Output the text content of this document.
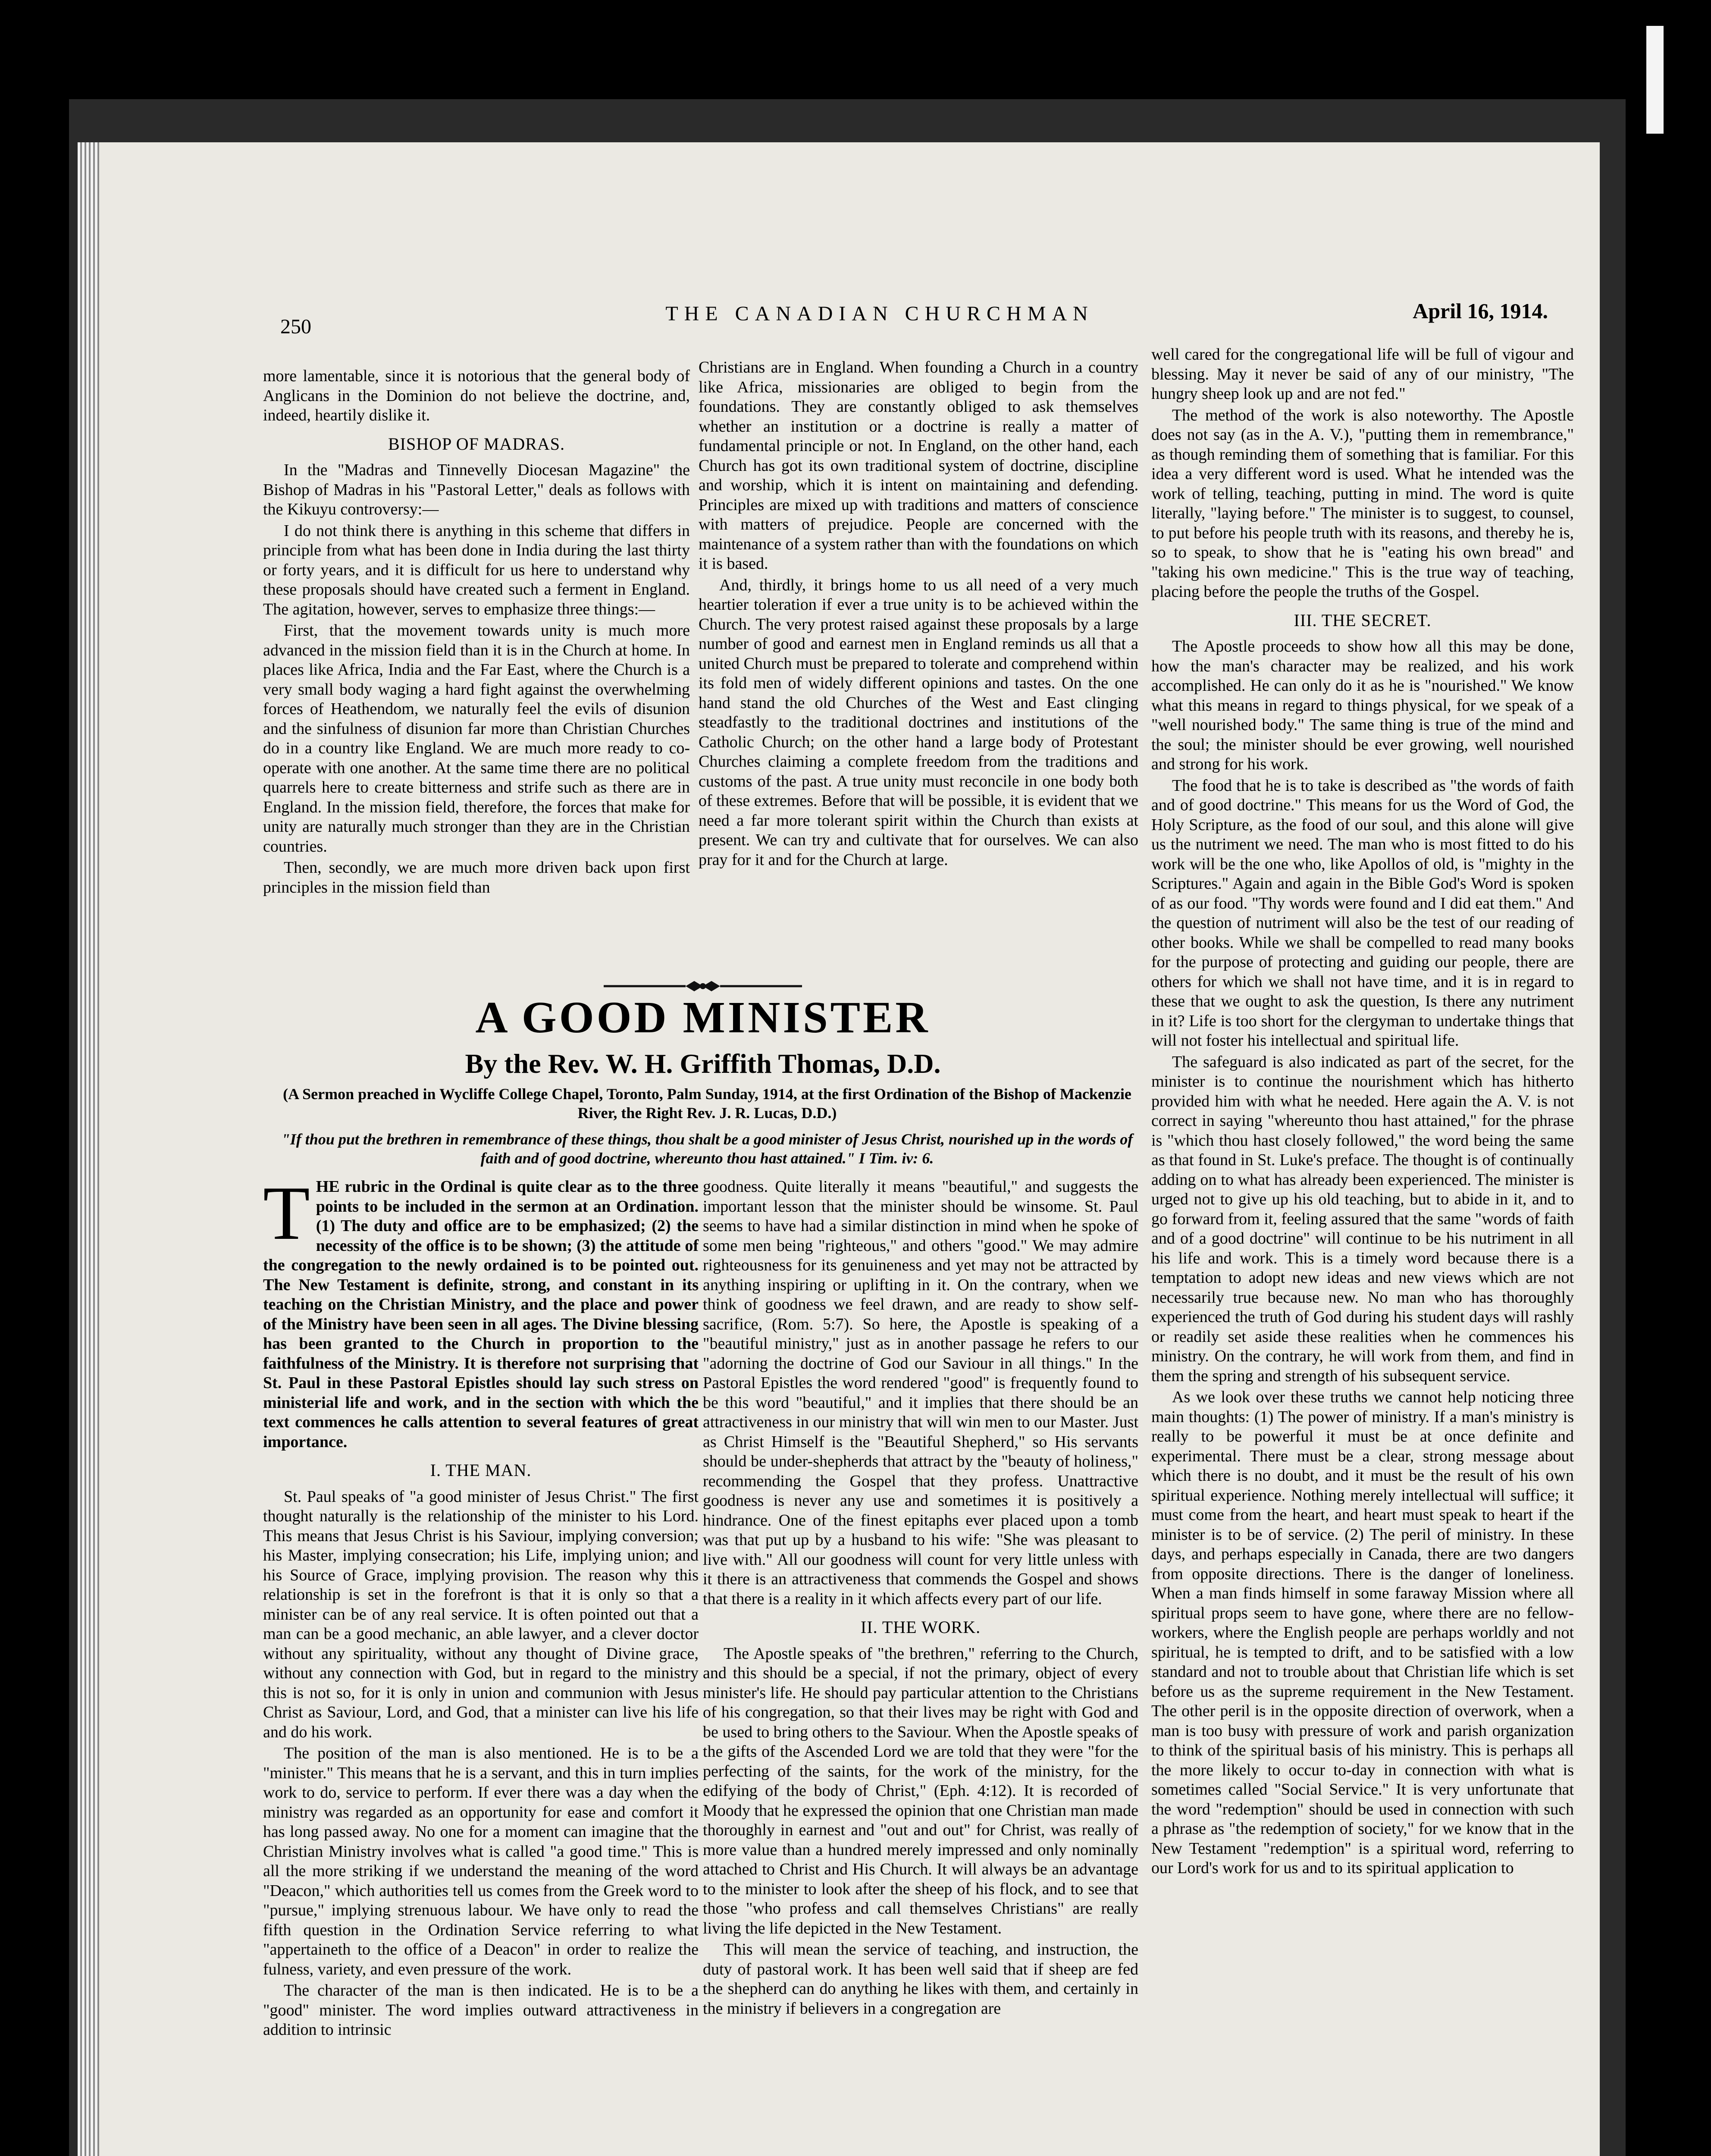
250
THE CANADIAN CHURCHMAN	April 16, 1914.

more lamentable, since it is notorious that the general body of Anglicans in the Dominion do not believe the doctrine, and, indeed, heartily dislike it.

BISHOP OF MADRAS.

In the "Madras and Tinnevelly Diocesan Magazine" the Bishop of Madras in his "Pastoral Letter," deals as follows with the Kikuyu controversy:—

I do not think there is anything in this scheme that differs in principle from what has been done in India during the last thirty or forty years, and it is difficult for us here to understand why these proposals should have created such a ferment in England. The agitation, however, serves to emphasize three things:—

First, that the movement towards unity is much more advanced in the mission field than it is in the Church at home. In places like Africa, India and the Far East, where the Church is a very small body waging a hard fight against the overwhelming forces of Heathendom, we naturally feel the evils of disunion and the sinfulness of disunion far more than Christian Churches do in a country like England. We are much more ready to co-operate with one another. At the same time there are no political quarrels here to create bitterness and strife such as there are in England. In the mission field, therefore, the forces that make for unity are naturally much stronger than they are in the Christian countries.

Then, secondly, we are much more driven back upon first principles in the mission field than

Christians are in England. When founding a Church in a country like Africa, missionaries are obliged to begin from the foundations. They are constantly obliged to ask themselves whether an institution or a doctrine is really a matter of fundamental principle or not. In England, on the other hand, each Church has got its own traditional system of doctrine, discipline and worship, which it is intent on maintaining and defending. Principles are mixed up with traditions and matters of conscience with matters of prejudice. People are concerned with the maintenance of a system rather than with the foundations on which it is based.

And, thirdly, it brings home to us all need of a very much heartier toleration if ever a true unity is to be achieved within the Church. The very protest raised against these proposals by a large number of good and earnest men in England reminds us all that a united Church must be prepared to tolerate and comprehend within its fold men of widely different opinions and tastes. On the one hand stand the old Churches of the West and East clinging steadfastly to the traditional doctrines and institutions of the Catholic Church; on the other hand a large body of Protestant Churches claiming a complete freedom from the traditions and customs of the past. A true unity must reconcile in one body both of these extremes. Before that will be possible, it is evident that we need a far more tolerant spirit within the Church than exists at present. We can try and cultivate that for ourselves. We can also pray for it and for the Church at large.

A GOOD MINISTER
By the Rev. W. H. Griffith Thomas, D.D.
(A Sermon preached in Wycliffe College Chapel, Toronto, Palm Sunday, 1914, at the first Ordination of the Bishop of Mackenzie River, the Right Rev. J. R. Lucas, D.D.)
"If thou put the brethren in remembrance of these things, thou shalt be a good minister of Jesus Christ, nourished up in the words of faith and of good doctrine, whereunto thou hast attained." I Tim. iv: 6.

THE rubric in the Ordinal is quite clear as to the three points to be included in the sermon at an Ordination. (1) The duty and office are to be emphasized; (2) the necessity of the office is to be shown; (3) the attitude of the congregation to the newly ordained is to be pointed out. The New Testament is definite, strong, and constant in its teaching on the Christian Ministry, and the place and power of the Ministry have been seen in all ages. The Divine blessing has been granted to the Church in proportion to the faithfulness of the Ministry. It is therefore not surprising that St. Paul in these Pastoral Epistles should lay such stress on ministerial life and work, and in the section with which the text commences he calls attention to several features of great importance.

I. THE MAN.

St. Paul speaks of "a good minister of Jesus Christ." The first thought naturally is the relationship of the minister to his Lord. This means that Jesus Christ is his Saviour, implying conversion; his Master, implying consecration; his Life, implying union; and his Source of Grace, implying provision. The reason why this relationship is set in the forefront is that it is only so that a minister can be of any real service. It is often pointed out that a man can be a good mechanic, an able lawyer, and a clever doctor without any spirituality, without any thought of Divine grace, without any connection with God, but in regard to the ministry this is not so, for it is only in union and communion with Jesus Christ as Saviour, Lord, and God, that a minister can live his life and do his work.

The position of the man is also mentioned. He is to be a "minister." This means that he is a servant, and this in turn implies work to do, service to perform. If ever there was a day when the ministry was regarded as an opportunity for ease and comfort it has long passed away. No one for a moment can imagine that the Christian Ministry involves what is called "a good time." This is all the more striking if we understand the meaning of the word "Deacon," which authorities tell us comes from the Greek word to "pursue," implying strenuous labour. We have only to read the fifth question in the Ordination Service referring to what "appertaineth to the office of a Deacon" in order to realize the fulness, variety, and even pressure of the work.

The character of the man is then indicated. He is to be a "good" minister. The word implies outward attractiveness in addition to intrinsic

goodness. Quite literally it means "beautiful," and suggests the important lesson that the minister should be winsome. St. Paul seems to have had a similar distinction in mind when he spoke of some men being "righteous," and others "good." We may admire righteousness for its genuineness and yet may not be attracted by anything inspiring or uplifting in it. On the contrary, when we think of goodness we feel drawn, and are ready to show self-sacrifice, (Rom. 5:7). So here, the Apostle is speaking of a "beautiful ministry," just as in another passage he refers to our "adorning the doctrine of God our Saviour in all things." In the Pastoral Epistles the word rendered "good" is frequently found to be this word "beautiful," and it implies that there should be an attractiveness in our ministry that will win men to our Master. Just as Christ Himself is the "Beautiful Shepherd," so His servants should be under-shepherds that attract by the "beauty of holiness," recommending the Gospel that they profess. Unattractive goodness is never any use and sometimes it is positively a hindrance. One of the finest epitaphs ever placed upon a tomb was that put up by a husband to his wife: "She was pleasant to live with." All our goodness will count for very little unless with it there is an attractiveness that commends the Gospel and shows that there is a reality in it which affects every part of our life.

II. THE WORK.

The Apostle speaks of "the brethren," referring to the Church, and this should be a special, if not the primary, object of every minister's life. He should pay particular attention to the Christians of his congregation, so that their lives may be right with God and be used to bring others to the Saviour. When the Apostle speaks of the gifts of the Ascended Lord we are told that they were "for the perfecting of the saints, for the work of the ministry, for the edifying of the body of Christ," (Eph. 4:12). It is recorded of Moody that he expressed the opinion that one Christian man made thoroughly in earnest and "out and out" for Christ, was really of more value than a hundred merely impressed and only nominally attached to Christ and His Church. It will always be an advantage to the minister to look after the sheep of his flock, and to see that those "who profess and call themselves Christians" are really living the life depicted in the New Testament.

This will mean the service of teaching, and instruction, the duty of pastoral work. It has been well said that if sheep are fed the shepherd can do anything he likes with them, and certainly in the ministry if believers in a congregation are

well cared for the congregational life will be full of vigour and blessing. May it never be said of any of our ministry, "The hungry sheep look up and are not fed."

The method of the work is also noteworthy. The Apostle does not say (as in the A. V.), "putting them in remembrance," as though reminding them of something that is familiar. For this idea a very different word is used. What he intended was the work of telling, teaching, putting in mind. The word is quite literally, "laying before." The minister is to suggest, to counsel, to put before his people truth with its reasons, and thereby he is, so to speak, to show that he is "eating his own bread" and "taking his own medicine." This is the true way of teaching, placing before the people the truths of the Gospel.

III. THE SECRET.

The Apostle proceeds to show how all this may be done, how the man's character may be realized, and his work accomplished. He can only do it as he is "nourished." We know what this means in regard to things physical, for we speak of a "well nourished body." The same thing is true of the mind and the soul; the minister should be ever growing, well nourished and strong for his work.

The food that he is to take is described as "the words of faith and of good doctrine." This means for us the Word of God, the Holy Scripture, as the food of our soul, and this alone will give us the nutriment we need. The man who is most fitted to do his work will be the one who, like Apollos of old, is "mighty in the Scriptures." Again and again in the Bible God's Word is spoken of as our food. "Thy words were found and I did eat them." And the question of nutriment will also be the test of our reading of other books. While we shall be compelled to read many books for the purpose of protecting and guiding our people, there are others for which we shall not have time, and it is in regard to these that we ought to ask the question, Is there any nutriment in it? Life is too short for the clergyman to undertake things that will not foster his intellectual and spiritual life.

The safeguard is also indicated as part of the secret, for the minister is to continue the nourishment which has hitherto provided him with what he needed. Here again the A. V. is not correct in saying "whereunto thou hast attained," for the phrase is "which thou hast closely followed," the word being the same as that found in St. Luke's preface. The thought is of continually adding on to what has already been experienced. The minister is urged not to give up his old teaching, but to abide in it, and to go forward from it, feeling assured that the same "words of faith and of a good doctrine" will continue to be his nutriment in all his life and work. This is a timely word because there is a temptation to adopt new ideas and new views which are not necessarily true because new. No man who has thoroughly experienced the truth of God during his student days will rashly or readily set aside these realities when he commences his ministry. On the contrary, he will work from them, and find in them the spring and strength of his subsequent service.

As we look over these truths we cannot help noticing three main thoughts: (1) The power of ministry. If a man's ministry is really to be powerful it must be at once definite and experimental. There must be a clear, strong message about which there is no doubt, and it must be the result of his own spiritual experience. Nothing merely intellectual will suffice; it must come from the heart, and heart must speak to heart if the minister is to be of service. (2) The peril of ministry. In these days, and perhaps especially in Canada, there are two dangers from opposite directions. There is the danger of loneliness. When a man finds himself in some faraway Mission where all spiritual props seem to have gone, where there are no fellow-workers, where the English people are perhaps worldly and not spiritual, he is tempted to drift, and to be satisfied with a low standard and not to trouble about that Christian life which is set before us as the supreme requirement in the New Testament. The other peril is in the opposite direction of overwork, when a man is too busy with pressure of work and parish organization to think of the spiritual basis of his ministry. This is perhaps all the more likely to occur to-day in connection with what is sometimes called "Social Service." It is very unfortunate that the word "redemption" should be used in connection with such a phrase as "the redemption of society," for we know that in the New Testament "redemption" is a spiritual word, referring to our Lord's work for us and to its spiritual application to
